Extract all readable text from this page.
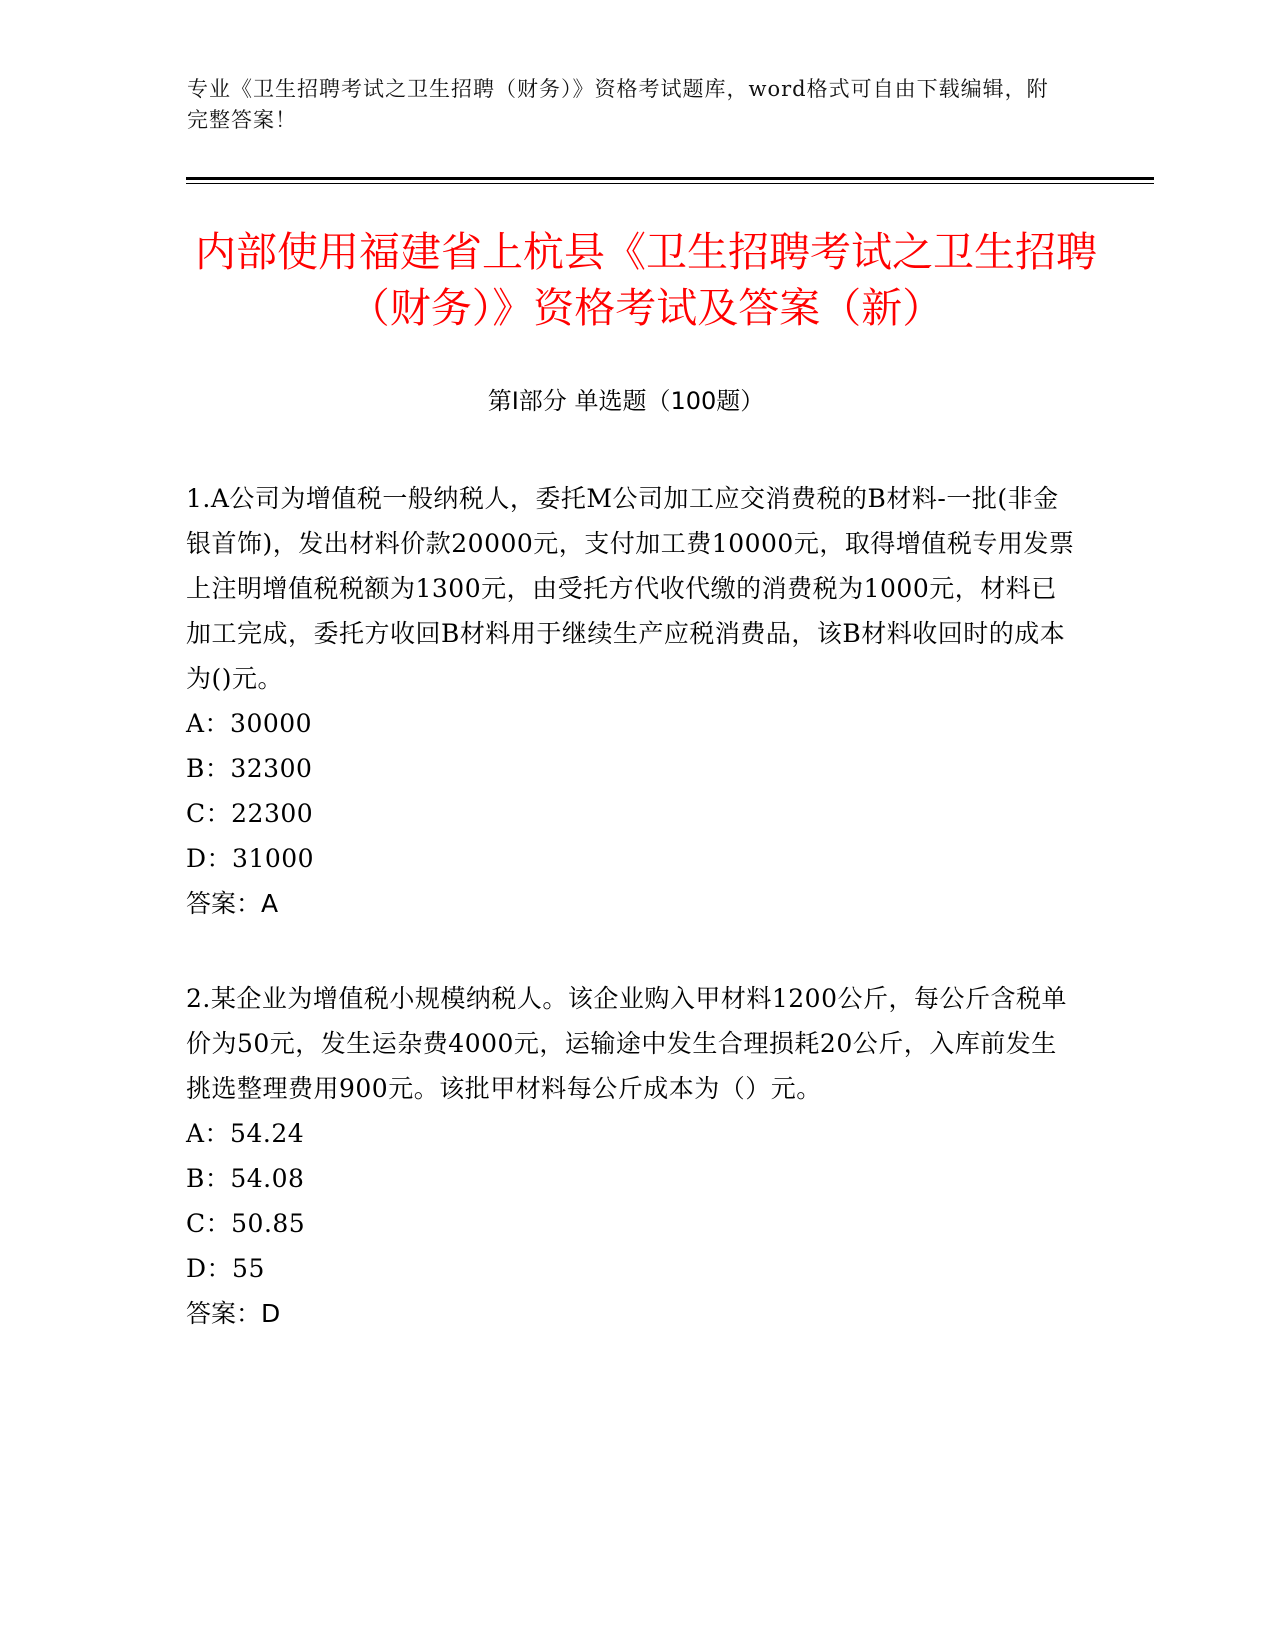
专业《卫生招聘考试之卫生招聘（财务）》资格考试题库，word格式可自由下载编辑，附完整答案！
内部使用福建省上杭县《卫生招聘考试之卫生招聘（财务）》资格考试及答案（新）
第Ⅰ部分 单选题（100题）

1.A公司为增值税一般纳税人，委托M公司加工应交消费税的B材料-一批(非金银首饰)，发出材料价款20000元，支付加工费10000元，取得增值税专用发票上注明增值税税额为1300元，由受托方代收代缴的消费税为1000元，材料已加工完成，委托方收回B材料用于继续生产应税消费品，该B材料收回时的成本为()元。

A：30000

B：32300

C：22300

D：31000

答案：A

2.某企业为增值税小规模纳税人。该企业购入甲材料1200公斤，每公斤含税单价为50元，发生运杂费4000元，运输途中发生合理损耗20公斤，入库前发生挑选整理费用900元。该批甲材料每公斤成本为（）元。

A：54.24

B：54.08

C：50.85

D：55

答案：D
